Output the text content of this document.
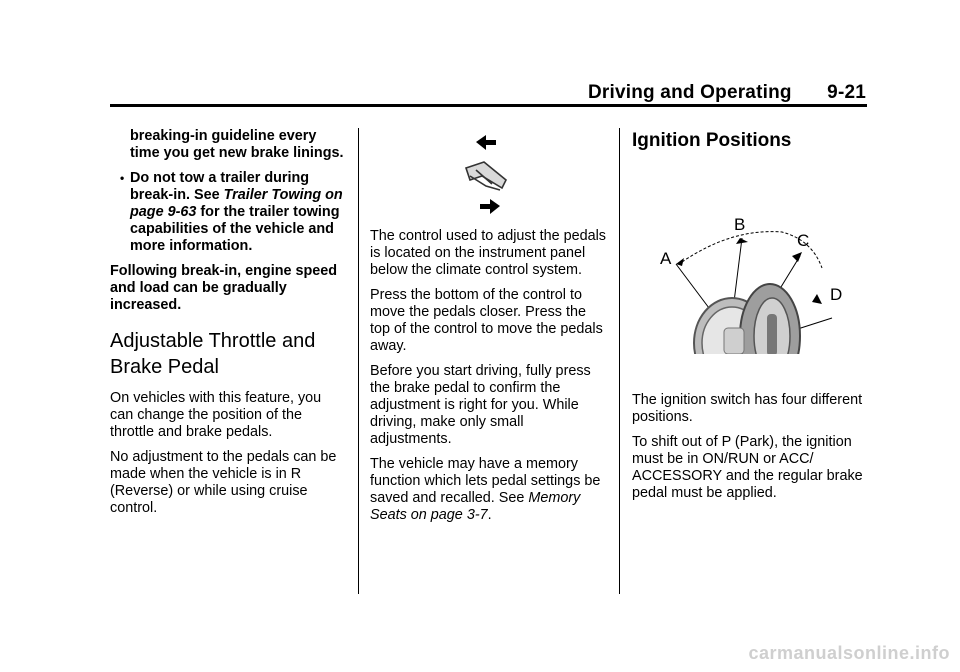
Driving and Operating 9-21

breaking-in guideline every time you get new brake linings.

• Do not tow a trailer during break-in. See Trailer Towing on page 9-63 for the trailer towing capabilities of the vehicle and more information.

Following break-in, engine speed and load can be gradually increased.

Adjustable Throttle and Brake Pedal

On vehicles with this feature, you can change the position of the throttle and brake pedals.

No adjustment to the pedals can be made when the vehicle is in R (Reverse) or while using cruise control.

The control used to adjust the pedals is located on the instrument panel below the climate control system.

Press the bottom of the control to move the pedals closer. Press the top of the control to move the pedals away.

Before you start driving, fully press the brake pedal to confirm the adjustment is right for you. While driving, make only small adjustments.

The vehicle may have a memory function which lets pedal settings be saved and recalled. See Memory Seats on page 3-7.

Ignition Positions
A
B
C
D

The ignition switch has four different positions.

To shift out of P (Park), the ignition must be in ON/RUN or ACC/ ACCESSORY and the regular brake pedal must be applied.

carmanualsonline.info
